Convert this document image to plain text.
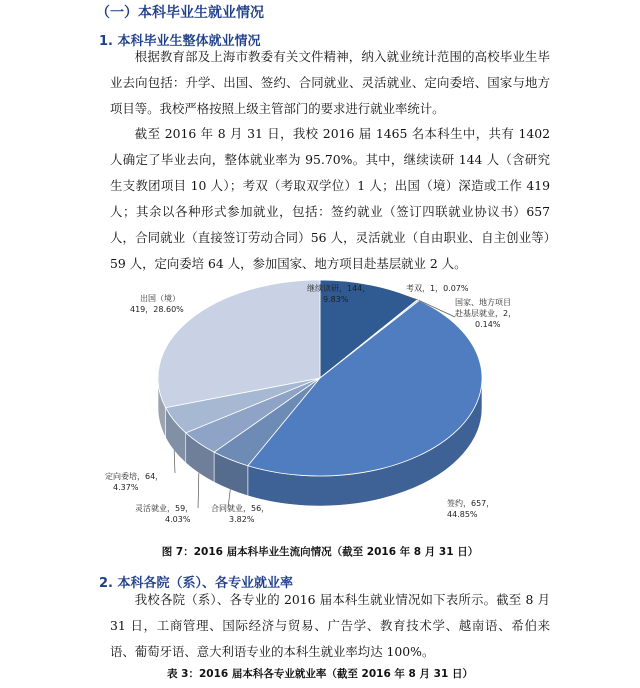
（一）本科毕业生就业情况
1. 本科毕业生整体就业情况
根据教育部及上海市教委有关文件精神，纳入就业统计范围的高校毕业生毕业去向包括：升学、出国、签约、合同就业、灵活就业、定向委培、国家与地方项目等。我校严格按照上级主管部门的要求进行就业率统计。
截至 2016 年 8 月 31 日，我校 2016 届 1465 名本科生中，共有 1402 人确定了毕业去向，整体就业率为 95.70%。其中，继续读研 144 人（含研究生支教团项目 10 人）；考双（考取双学位）1 人；出国（境）深造或工作 419 人；其余以各种形式参加就业，包括：签约就业（签订四联就业协议书）657 人，合同就业（直接签订劳动合同）56 人，灵活就业（自由职业、自主创业等）59 人，定向委培 64 人，参加国家、地方项目赴基层就业 2 人。
继续读研，144，
9.83%
考双，1，0.07%
国家、地方项目
赴基层就业，2，
0.14%
签约，657，
44.85%
合同就业，56，
3.82%
灵活就业，59，
4.03%
定向委培，64，
4.37%
出国（境）
419，28.60%
图 7：2016 届本科毕业生流向情况（截至 2016 年 8 月 31 日）
2. 本科各院（系）、各专业就业率
我校各院（系）、各专业的 2016 届本科生就业情况如下表所示。截至 8 月 31 日，工商管理、国际经济与贸易、广告学、教育技术学、越南语、希伯来语、葡萄牙语、意大利语专业的本科生就业率均达 100%。
表 3：2016 届本科各专业就业率（截至 2016 年 8 月 31 日）
